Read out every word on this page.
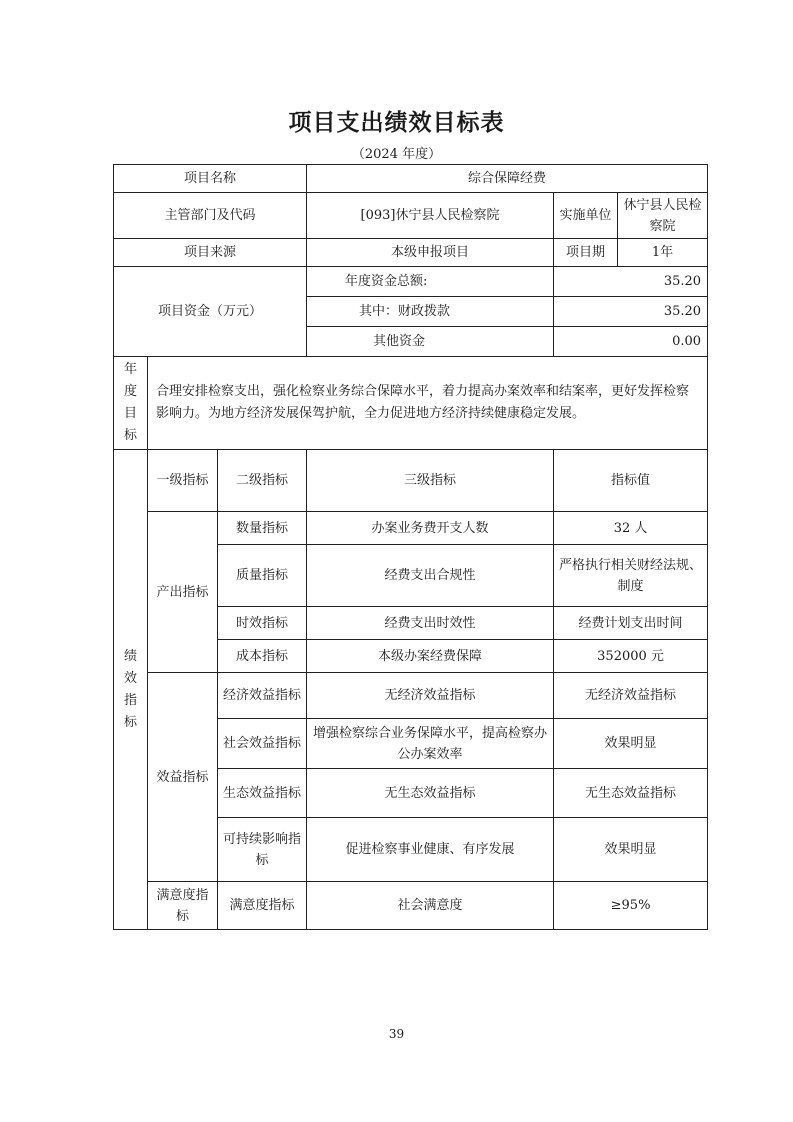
项目支出绩效目标表
（2024 年度）
项目名称			综合保障经费		
主管部门及代码			[093]休宁县人民检察院	实施单位	休宁县人民检察院
项目来源			本级申报项目	项目期	1年
项目资金（万元）			年度资金总额:	35.20	
			其中：财政拨款	35.20	
			其他资金	0.00	
年度目标	合理安排检察支出，强化检察业务综合保障水平，着力提高办案效率和结案率，更好发挥检察影响力。为地方经济发展保驾护航，全力促进地方经济持续健康稳定发展。				
绩效指标	一级指标	二级指标	三级指标	指标值	
	产出指标	数量指标	办案业务费开支人数	32 人	
		质量指标	经费支出合规性	严格执行相关财经法规、制度	
		时效指标	经费支出时效性	经费计划支出时间	
		成本指标	本级办案经费保障	352000 元	
	效益指标	经济效益指标	无经济效益指标	无经济效益指标	
		社会效益指标	增强检察综合业务保障水平，提高检察办公办案效率	效果明显	
		生态效益指标	无生态效益指标	无生态效益指标	
		可持续影响指标	促进检察事业健康、有序发展	效果明显	
	满意度指标	满意度指标	社会满意度	≥95%	
39
